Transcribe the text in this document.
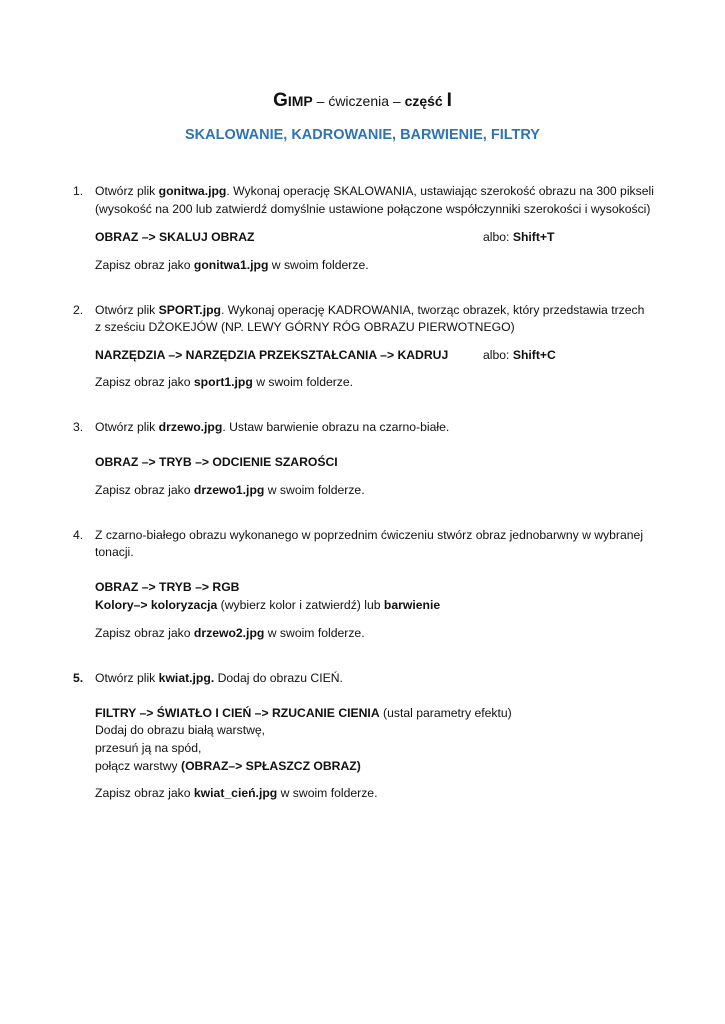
GIMP – ćwiczenia – część I
SKALOWANIE, KADROWANIE, BARWIENIE, FILTRY
1. Otwórz plik gonitwa.jpg. Wykonaj operację SKALOWANIA, ustawiając szerokość obrazu na 300 pikseli
(wysokość na 200 lub zatwierdź domyślnie ustawione połączone współczynniki szerokości i wysokości)
OBRAZ –> SKALUJ OBRAZ	albo: Shift+T
Zapisz obraz jako gonitwa1.jpg w swoim folderze.
2. Otwórz plik SPORT.jpg. Wykonaj operację KADROWANIA, tworząc obrazek, który przedstawia trzech
z sześciu DŻOKEJÓW (NP. LEWY GÓRNY RÓG OBRAZU PIERWOTNEGO)
NARZĘDZIA –> NARZĘDZIA PRZEKSZTAŁCANIA –> KADRUJ	albo: Shift+C
Zapisz obraz jako sport1.jpg w swoim folderze.
3. Otwórz plik drzewo.jpg. Ustaw barwienie obrazu na czarno-białe.
OBRAZ –> TRYB –> ODCIENIE SZAROŚCI
Zapisz obraz jako drzewo1.jpg w swoim folderze.
4. Z czarno-białego obrazu wykonanego w poprzednim ćwiczeniu stwórz obraz jednobarwny w wybranej
tonacji.
OBRAZ –> TRYB –> RGB
Kolory–> koloryzacja (wybierz kolor i zatwierdź) lub barwienie
Zapisz obraz jako drzewo2.jpg w swoim folderze.
5. Otwórz plik kwiat.jpg. Dodaj do obrazu CIEŃ.
FILTRY –> ŚWIATŁO I CIEŃ –> RZUCANIE CIENIA (ustal parametry efektu)
Dodaj do obrazu białą warstwę,
przesuń ją na spód,
połącz warstwy (OBRAZ–> SPŁASZCZ OBRAZ)
Zapisz obraz jako kwiat_cień.jpg w swoim folderze.
